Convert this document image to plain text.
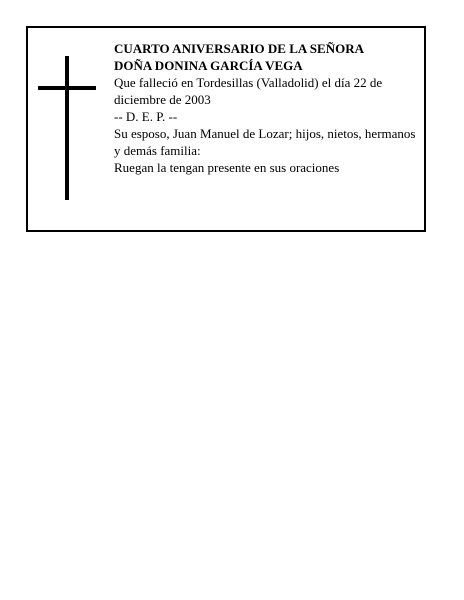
CUARTO ANIVERSARIO DE LA SEÑORA

DOÑA DONINA GARCÍA VEGA

Que falleció en Tordesillas (Valladolid) el día 22 de diciembre de 2003

-- D. E. P. --

Su esposo, Juan Manuel de Lozar; hijos, nietos, hermanos y demás familia:

Ruegan la tengan presente en sus oraciones
